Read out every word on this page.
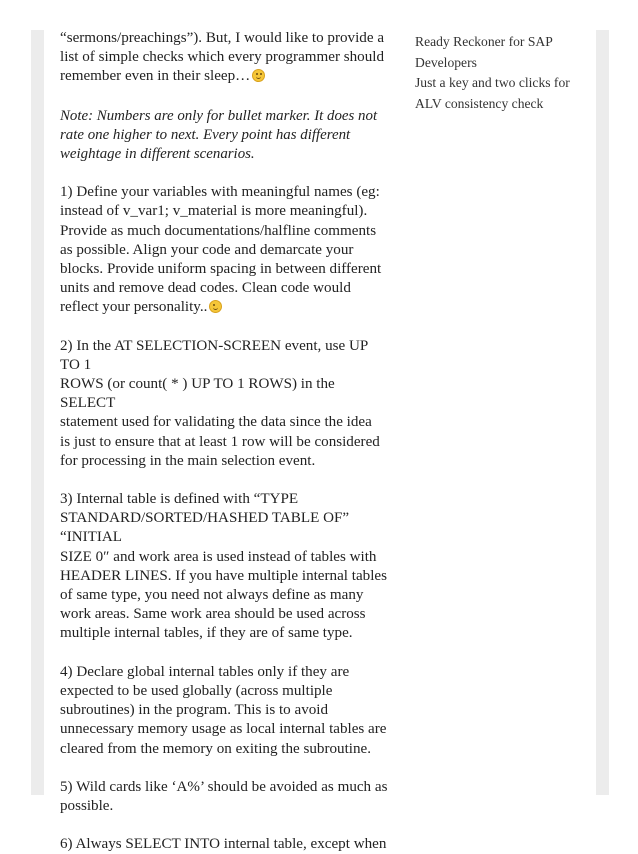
“sermons/preachings”). But, I would like to provide a
list of simple checks which every programmer should
remember even in their sleep…

Note: Numbers are only for bullet marker. It does not
rate one higher to next. Every point has different
weightage in different scenarios.

1) Define your variables with meaningful names (eg:
instead of v_var1; v_material is more meaningful).
Provide as much documentations/halfline comments
as possible. Align your code and demarcate your
blocks. Provide uniform spacing in between different
units and remove dead codes. Clean code would
reflect your personality..

2) In the AT SELECTION-SCREEN event, use UP TO 1
ROWS (or count( * ) UP TO 1 ROWS) in the SELECT
statement used for validating the data since the idea
is just to ensure that at least 1 row will be considered
for processing in the main selection event.

3) Internal table is defined with “TYPE
STANDARD/SORTED/HASHED TABLE OF” “INITIAL
SIZE 0″ and work area is used instead of tables with
HEADER LINES. If you have multiple internal tables
of same type, you need not always define as many
work areas. Same work area should be used across
multiple internal tables, if they are of same type.

4) Declare global internal tables only if they are
expected to be used globally (across multiple
subroutines) in the program. This is to avoid
unnecessary memory usage as local internal tables are
cleared from the memory on exiting the subroutine.

5) Wild cards like ‘A%’ should be avoided as much as
possible.

6) Always SELECT INTO internal table, except when

Ready Reckoner for SAP
Developers
Just a key and two clicks for
ALV consistency check
